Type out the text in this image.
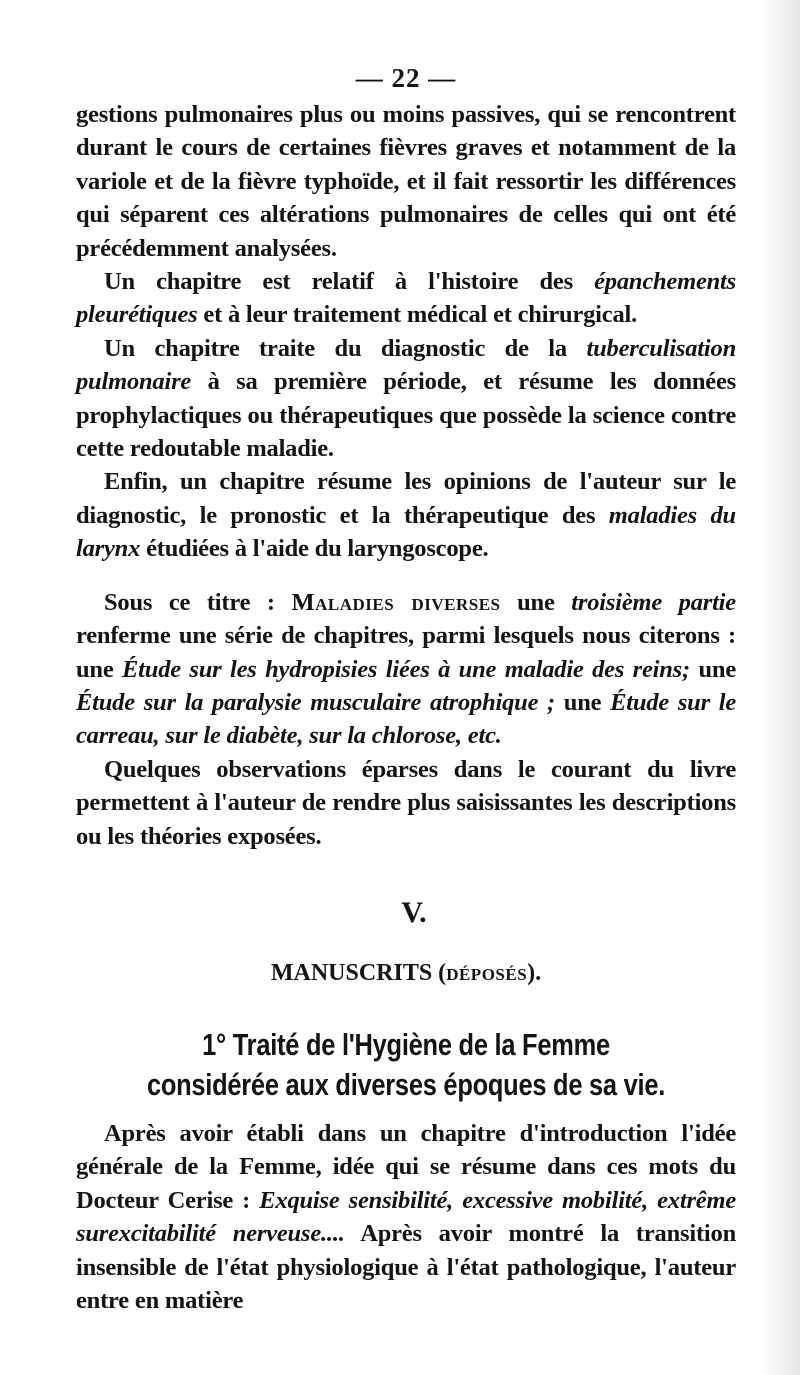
— 22 —

gestions pulmonaires plus ou moins passives, qui se rencontrent durant le cours de certaines fièvres graves et notamment de la variole et de la fièvre typhoïde, et il fait ressortir les différences qui séparent ces altérations pulmonaires de celles qui ont été précédemment analysées.

Un chapitre est relatif à l'histoire des épanchements pleurétiques et à leur traitement médical et chirurgical.

Un chapitre traite du diagnostic de la tuberculisation pulmonaire à sa première période, et résume les données prophylactiques ou thérapeutiques que possède la science contre cette redoutable maladie.

Enfin, un chapitre résume les opinions de l'auteur sur le diagnostic, le pronostic et la thérapeutique des maladies du larynx étudiées à l'aide du laryngoscope.

Sous ce titre : Maladies diverses une troisième partie renferme une série de chapitres, parmi lesquels nous citerons : une Étude sur les hydropisies liées à une maladie des reins; une Étude sur la paralysie musculaire atrophique ; une Étude sur le carreau, sur le diabète, sur la chlorose, etc.

Quelques observations éparses dans le courant du livre permettent à l'auteur de rendre plus saisissantes les descriptions ou les théories exposées.

V.
MANUSCRITS (DÉPOSÉS).
1° Traité de l'Hygiène de la Femme considérée aux diverses époques de sa vie.

Après avoir établi dans un chapitre d'introduction l'idée générale de la Femme, idée qui se résume dans ces mots du Docteur Cerise : Exquise sensibilité, excessive mobilité, extrême surexcitabilité nerveuse.... Après avoir montré la transition insensible de l'état physiologique à l'état pathologique, l'auteur entre en matière
